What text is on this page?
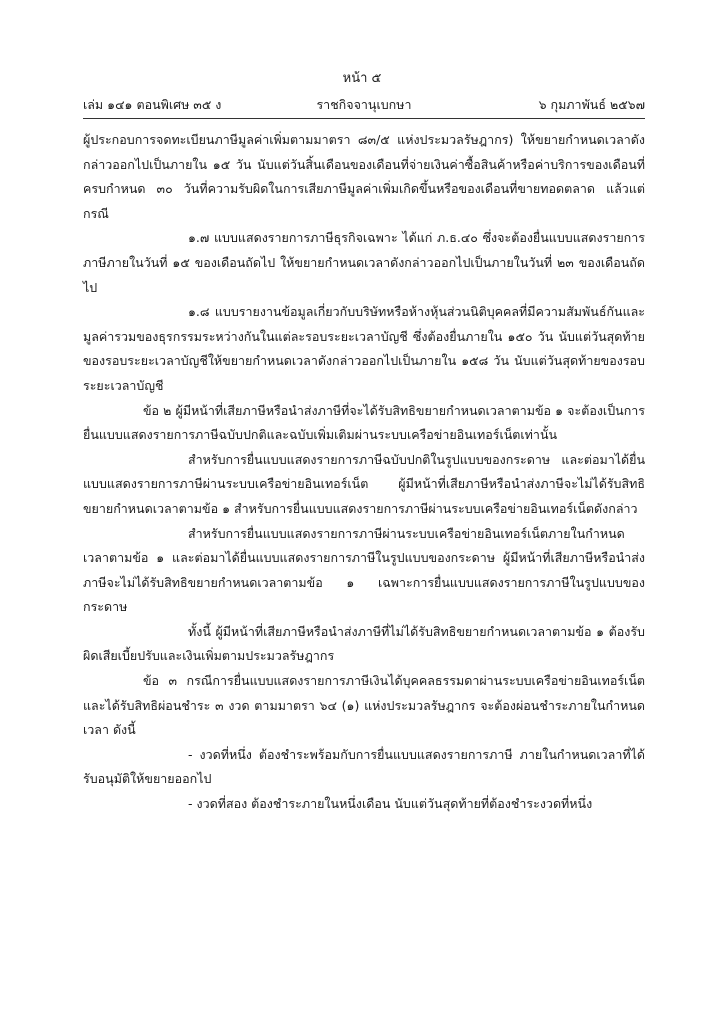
หน้า ๕
เล่ม ๑๔๑ ตอนพิเศษ ๓๕ ง	ราชกิจจานุเบกษา	๖ กุมภาพันธ์ ๒๕๖๗

ผู้ประกอบการจดทะเบียนภาษีมูลค่าเพิ่มตามมาตรา ๘๓/๕ แห่งประมวลรัษฎากร) ให้ขยายกำหนดเวลาดังกล่าวออกไปเป็นภายใน ๑๕ วัน นับแต่วันสิ้นเดือนของเดือนที่จ่ายเงินค่าซื้อสินค้าหรือค่าบริการของเดือนที่ครบกำหนด ๓๐ วันที่ความรับผิดในการเสียภาษีมูลค่าเพิ่มเกิดขึ้นหรือของเดือนที่ขายทอดตลาด แล้วแต่กรณี

๑.๗ แบบแสดงรายการภาษีธุรกิจเฉพาะ ได้แก่ ภ.ธ.๔๐ ซึ่งจะต้องยื่นแบบแสดงรายการภาษีภายในวันที่ ๑๕ ของเดือนถัดไป ให้ขยายกำหนดเวลาดังกล่าวออกไปเป็นภายในวันที่ ๒๓ ของเดือนถัดไป

๑.๘ แบบรายงานข้อมูลเกี่ยวกับบริษัทหรือห้างหุ้นส่วนนิติบุคคลที่มีความสัมพันธ์กันและมูลค่ารวมของธุรกรรมระหว่างกันในแต่ละรอบระยะเวลาบัญชี ซึ่งต้องยื่นภายใน ๑๕๐ วัน นับแต่วันสุดท้ายของรอบระยะเวลาบัญชีให้ขยายกำหนดเวลาดังกล่าวออกไปเป็นภายใน ๑๕๘ วัน นับแต่วันสุดท้ายของรอบระยะเวลาบัญชี

ข้อ ๒ ผู้มีหน้าที่เสียภาษีหรือนำส่งภาษีที่จะได้รับสิทธิขยายกำหนดเวลาตามข้อ ๑ จะต้องเป็นการยื่นแบบแสดงรายการภาษีฉบับปกติและฉบับเพิ่มเติมผ่านระบบเครือข่ายอินเทอร์เน็ตเท่านั้น

สำหรับการยื่นแบบแสดงรายการภาษีฉบับปกติในรูปแบบของกระดาษ และต่อมาได้ยื่นแบบแสดงรายการภาษีผ่านระบบเครือข่ายอินเทอร์เน็ต ผู้มีหน้าที่เสียภาษีหรือนำส่งภาษีจะไม่ได้รับสิทธิขยายกำหนดเวลาตามข้อ ๑ สำหรับการยื่นแบบแสดงรายการภาษีผ่านระบบเครือข่ายอินเทอร์เน็ตดังกล่าว

สำหรับการยื่นแบบแสดงรายการภาษีผ่านระบบเครือข่ายอินเทอร์เน็ตภายในกำหนดเวลาตามข้อ ๑ และต่อมาได้ยื่นแบบแสดงรายการภาษีในรูปแบบของกระดาษ ผู้มีหน้าที่เสียภาษีหรือนำส่งภาษีจะไม่ได้รับสิทธิขยายกำหนดเวลาตามข้อ ๑ เฉพาะการยื่นแบบแสดงรายการภาษีในรูปแบบของกระดาษ

ทั้งนี้ ผู้มีหน้าที่เสียภาษีหรือนำส่งภาษีที่ไม่ได้รับสิทธิขยายกำหนดเวลาตามข้อ ๑ ต้องรับผิดเสียเบี้ยปรับและเงินเพิ่มตามประมวลรัษฎากร

ข้อ ๓ กรณีการยื่นแบบแสดงรายการภาษีเงินได้บุคคลธรรมดาผ่านระบบเครือข่ายอินเทอร์เน็ตและได้รับสิทธิผ่อนชำระ ๓ งวด ตามมาตรา ๖๔ (๑) แห่งประมวลรัษฎากร จะต้องผ่อนชำระภายในกำหนดเวลา ดังนี้

- งวดที่หนึ่ง ต้องชำระพร้อมกับการยื่นแบบแสดงรายการภาษี ภายในกำหนดเวลาที่ได้รับอนุมัติให้ขยายออกไป

- งวดที่สอง ต้องชำระภายในหนึ่งเดือน นับแต่วันสุดท้ายที่ต้องชำระงวดที่หนึ่ง
